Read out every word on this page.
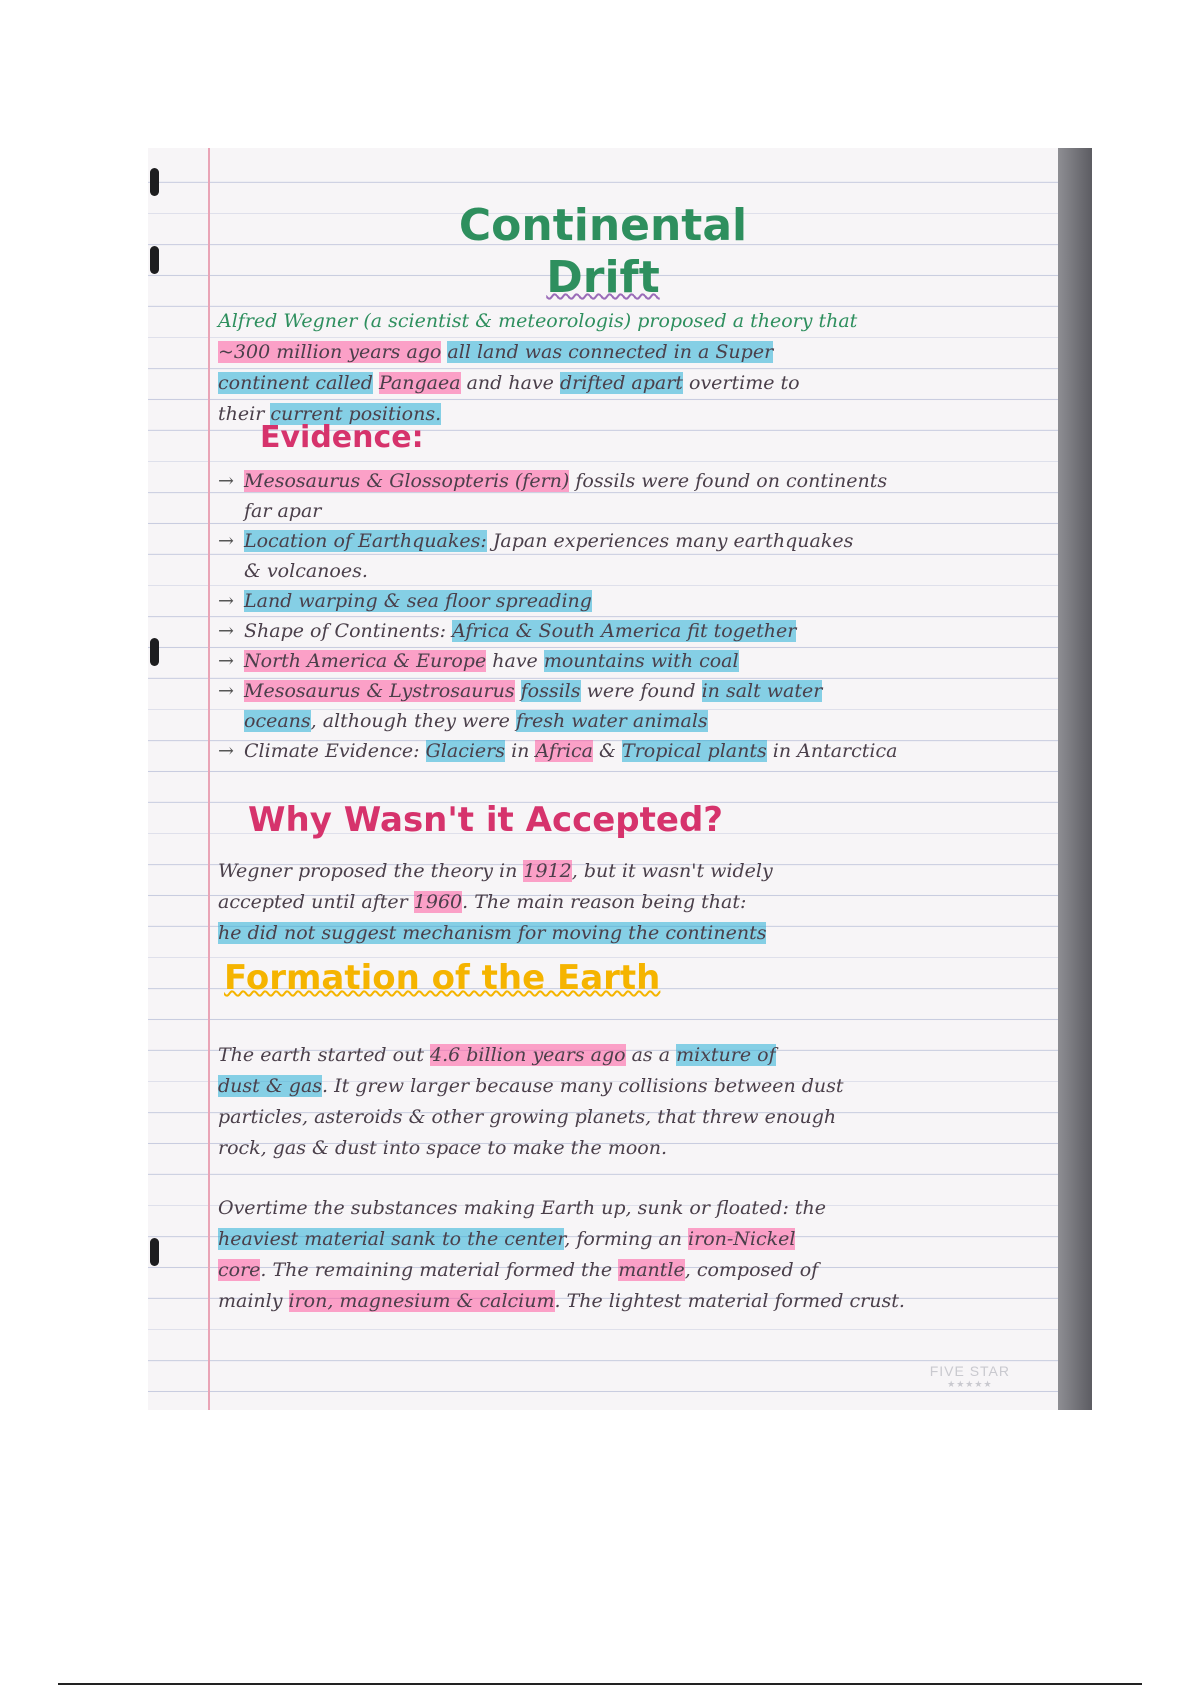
Continental
Drift

Alfred Wegner (a scientist & meteorologis) proposed a theory that

~300 million years ago all land was connected in a Super

continent called Pangaea and have drifted apart overtime to

their current positions.

Evidence:
→ Mesosaurus & Glossopteris (fern) fossils were found on continents
far apar
→ Location of Earthquakes: Japan experiences many earthquakes
& volcanoes.
→ Land warping & sea floor spreading
→ Shape of Continents: Africa & South America fit together
→ North America & Europe have mountains with coal
→ Mesosaurus & Lystrosaurus fossils were found in salt water
oceans, although they were fresh water animals
→ Climate Evidence: Glaciers in Africa & Tropical plants in Antarctica
Why Wasn't it Accepted?

Wegner proposed the theory in 1912, but it wasn't widely

accepted until after 1960. The main reason being that:

he did not suggest mechanism for moving the continents

Formation of the Earth

The earth started out 4.6 billion years ago as a mixture of

dust & gas. It grew larger because many collisions between dust

particles, asteroids & other growing planets, that threw enough

rock, gas & dust into space to make the moon.

Overtime the substances making Earth up, sunk or floated: the

heaviest material sank to the center, forming an iron-Nickel

core. The remaining material formed the mantle, composed of

mainly iron, magnesium & calcium. The lightest material formed crust.

FIVE STAR
★★★★★
